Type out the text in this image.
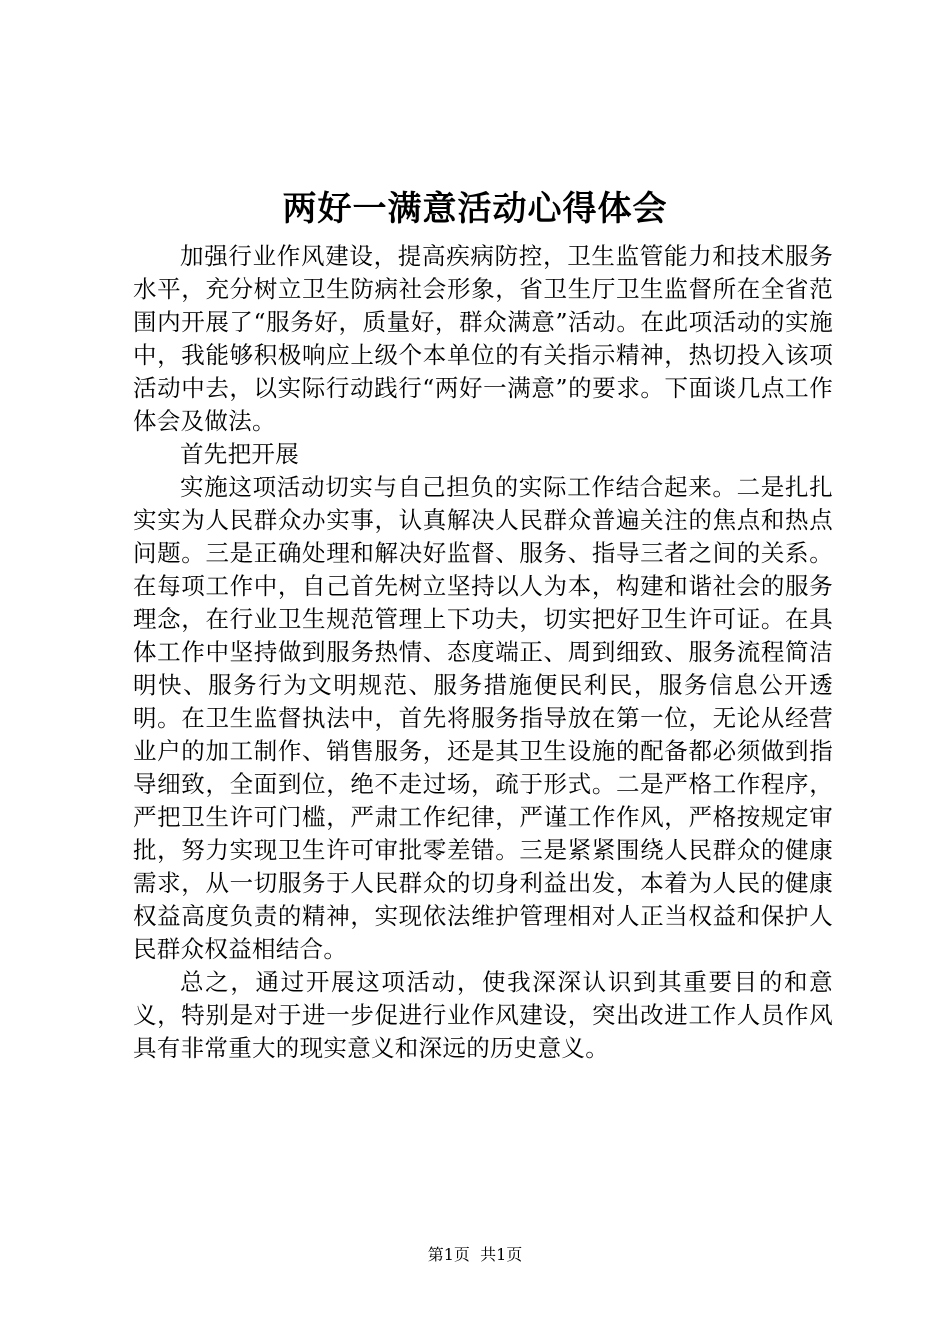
两好一满意活动心得体会

加强行业作风建设，提高疾病防控，卫生监管能力和技术服务水平，充分树立卫生防病社会形象，省卫生厅卫生监督所在全省范围内开展了“服务好，质量好，群众满意”活动。在此项活动的实施中，我能够积极响应上级个本单位的有关指示精神，热切投入该项活动中去，以实际行动践行“两好一满意”的要求。下面谈几点工作体会及做法。

首先把开展

实施这项活动切实与自己担负的实际工作结合起来。二是扎扎实实为人民群众办实事，认真解决人民群众普遍关注的焦点和热点问题。三是正确处理和解决好监督、服务、指导三者之间的关系。在每项工作中，自己首先树立坚持以人为本，构建和谐社会的服务理念，在行业卫生规范管理上下功夫，切实把好卫生许可证。在具体工作中坚持做到服务热情、态度端正、周到细致、服务流程简洁明快、服务行为文明规范、服务措施便民利民，服务信息公开透明。在卫生监督执法中，首先将服务指导放在第一位，无论从经营业户的加工制作、销售服务，还是其卫生设施的配备都必须做到指导细致，全面到位，绝不走过场，疏于形式。二是严格工作程序，严把卫生许可门槛，严肃工作纪律，严谨工作作风，严格按规定审批，努力实现卫生许可审批零差错。三是紧紧围绕人民群众的健康需求，从一切服务于人民群众的切身利益出发，本着为人民的健康权益高度负责的精神，实现依法维护管理相对人正当权益和保护人民群众权益相结合。

总之，通过开展这项活动，使我深深认识到其重要目的和意义，特别是对于进一步促进行业作风建设，突出改进工作人员作风具有非常重大的现实意义和深远的历史意义。

第1页 共1页
